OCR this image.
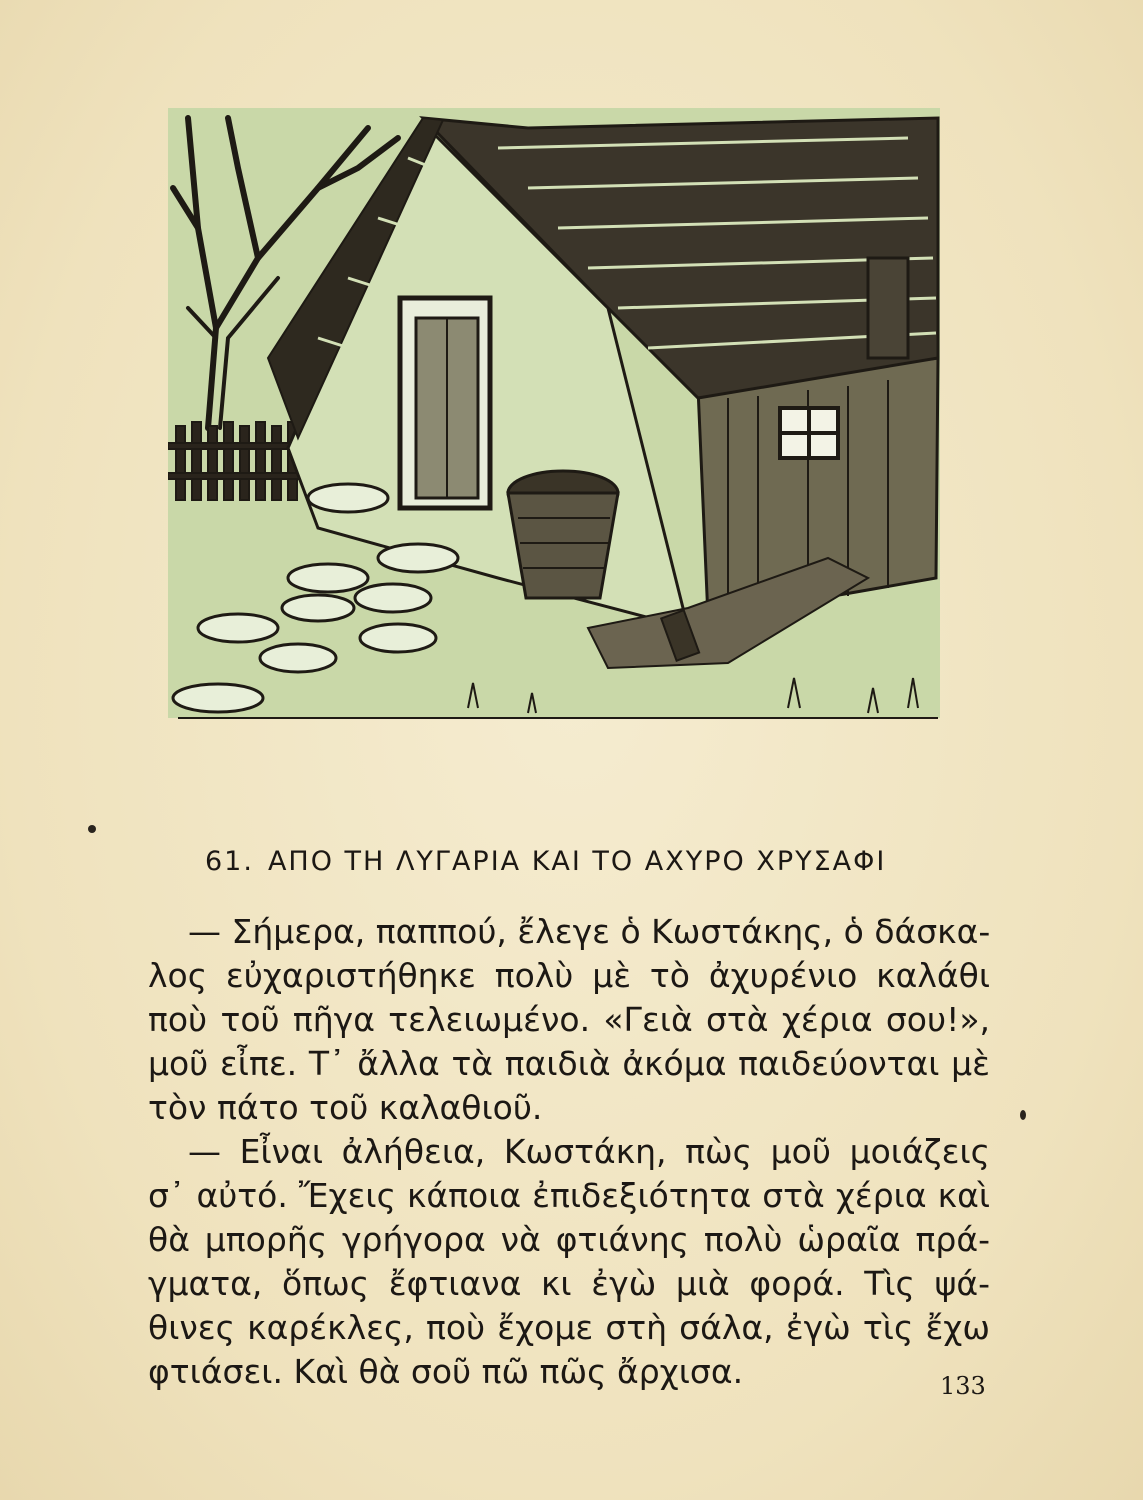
61. ΑΠΟ ΤΗ ΛΥΓΑΡΙΑ ΚΑΙ ΤΟ ΑΧΥΡΟ ΧΡΥΣΑΦΙ
— Σήμερα, παππού, ἔλεγε ὁ Κωστάκης, ὁ δάσκα-
λος εὐχαριστήθηκε πολὺ μὲ τὸ ἀχυρένιο καλάθι
ποὺ τοῦ πῆγα τελειωμένο. «Γειὰ στὰ χέρια σου!»,
μοῦ εἶπε. Τ᾽ ἄλλα τὰ παιδιὰ ἀκόμα παιδεύονται μὲ
τὸν πάτο τοῦ καλαθιοῦ.
— Εἶναι ἀλήθεια, Κωστάκη, πὼς μοῦ μοιάζεις
σ᾽ αὐτό. Ἔχεις κάποια ἐπιδεξιότητα στὰ χέρια καὶ
θὰ μπορῆς γρήγορα νὰ φτιάνης πολὺ ὡραῖα πρά-
γματα, ὅπως ἔφτιανα κι ἐγὼ μιὰ φορά. Τὶς ψά-
θινες καρέκλες, ποὺ ἔχομε στὴ σάλα, ἐγὼ τὶς ἔχω
φτιάσει. Καὶ θὰ σοῦ πῶ πῶς ἄρχισα.	133
